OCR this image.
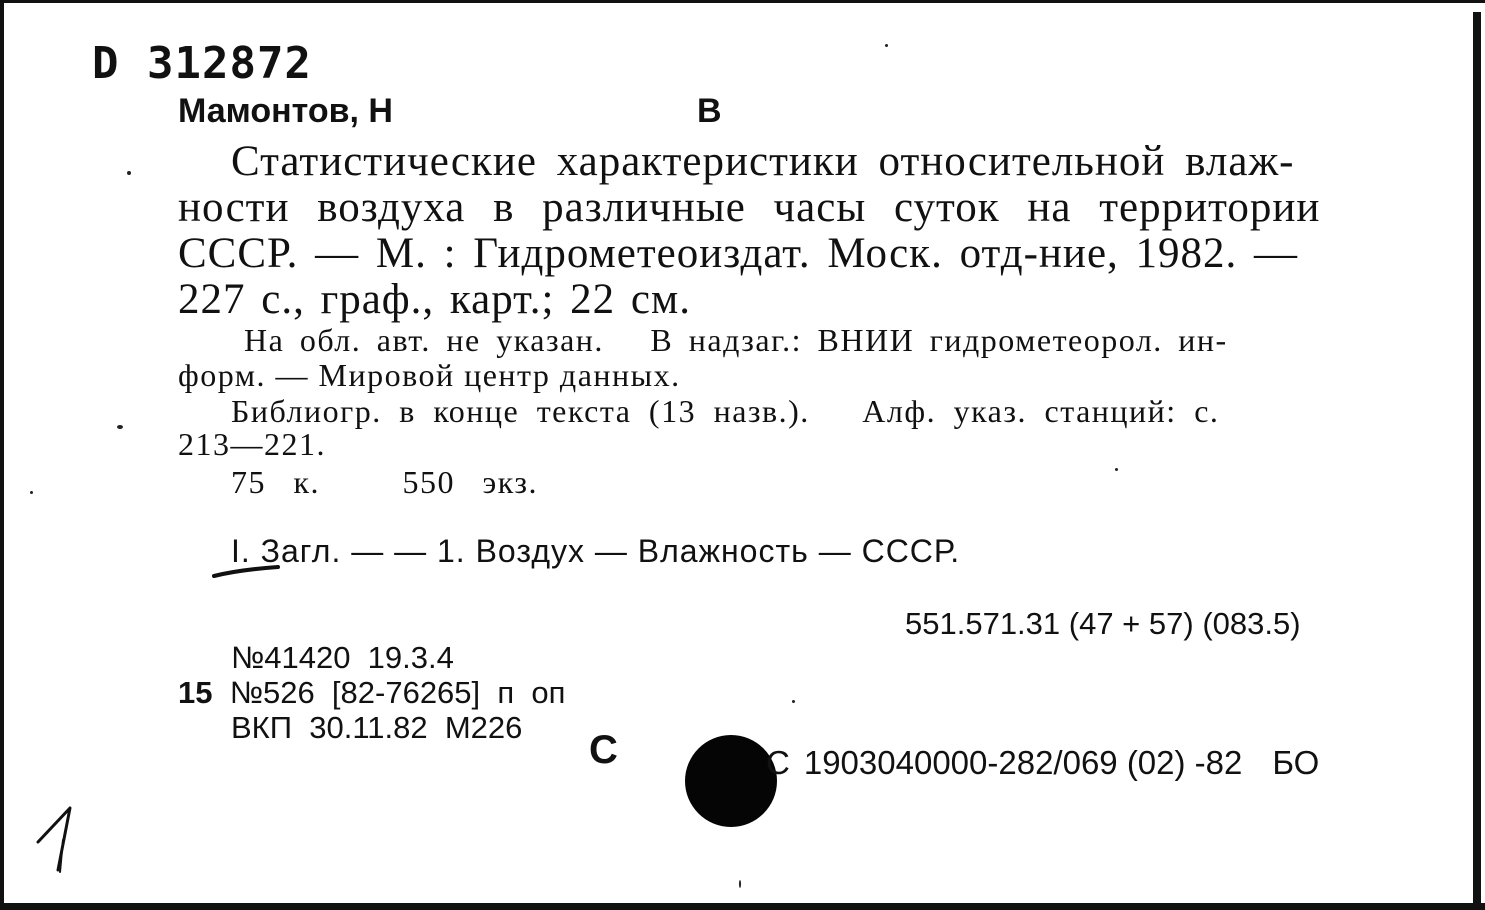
D 312872
Мамонтов, Н	В
Статистические характеристики относительной влаж-
ности воздуха в различные часы суток на территории
СССР. — М. : Гидрометеоиздат. Моск. отд-ние, 1982. —
227 с., граф., карт.; 22 см.
На обл. авт. не указан.   В надзаг.: ВНИИ гидрометеорол. ин-
форм. — Мировой центр данных.
Библиогр. в конце текста (13 назв.).   Алф. указ. станций: с.
213—221.
75 к.   550 экз.
I. Загл. — — 1. Воздух — Влажность — СССР.
551.571.31 (47 + 57) (083.5)
№41420  19.3.4
15 №526  [82-76265]  п  оп
ВКП  30.11.82  М226
С	С 1903040000-282/069 (02) -82 БО
